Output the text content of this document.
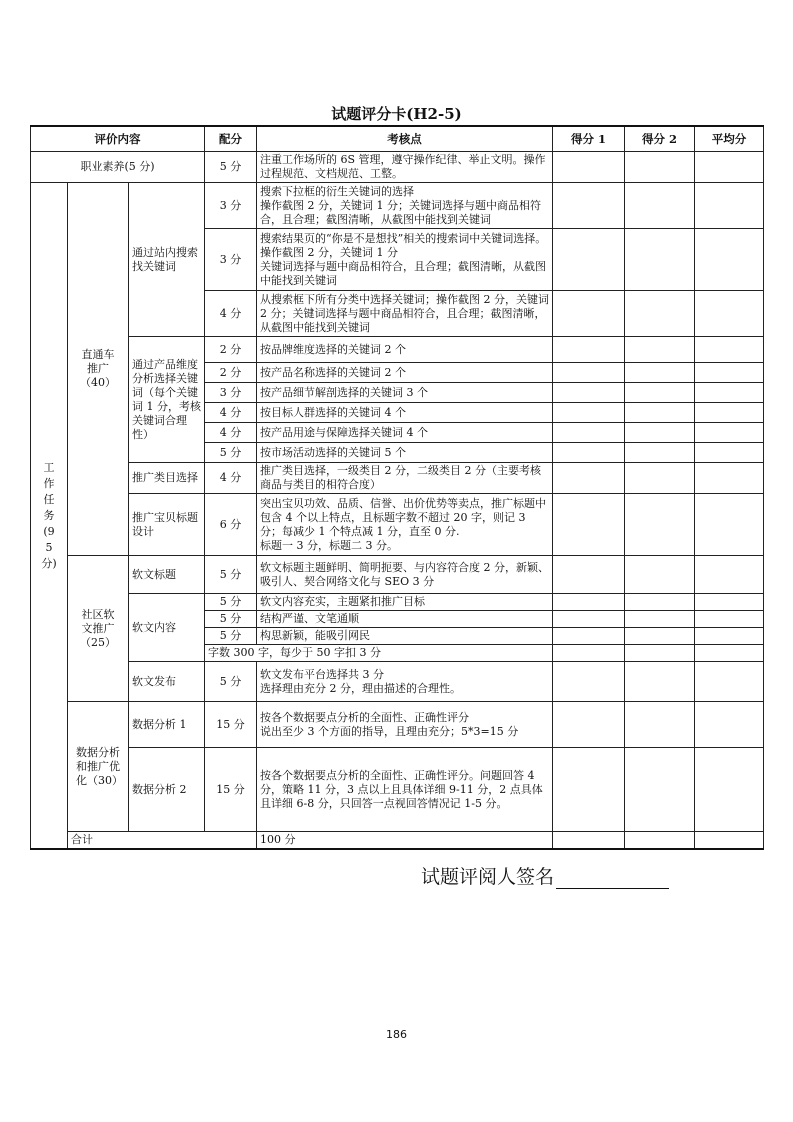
试题评分卡(H2-5)
评价内容			配分	考核点	得分 1	得分 2	平均分	
职业素养(5 分)			5 分	注重工作场所的 6S 管理，遵守操作纪律、举止文明。操作过程规范、文档规范、工整。				
工作任务(95分)	直通车推广（40）	通过站内搜索找关键词	3 分	搜索下拉框的衍生关键词的选择
操作截图 2 分，关键词 1 分；关键词选择与题中商品相符合，且合理；截图清晰，从截图中能找到关键词				
			3 分	搜索结果页的“你是不是想找”相关的搜索词中关键词选择。操作截图 2 分，关键词 1 分
关键词选择与题中商品相符合，且合理；截图清晰，从截图中能找到关键词				
			4 分	从搜索框下所有分类中选择关键词；操作截图 2 分，关键词 2 分；关键词选择与题中商品相符合，且合理；截图清晰，从截图中能找到关键词				
		通过产品维度分析选择关键词（每个关键词 1 分，考核关键词合理性）	2 分	按品牌维度选择的关键词 2 个				
			2 分	按产品名称选择的关键词 2 个				
			3 分	按产品细节解剖选择的关键词 3 个				
			4 分	按目标人群选择的关键词 4 个				
			4 分	按产品用途与保障选择关键词 4 个				
			5 分	按市场活动选择的关键词 5 个				
		推广类目选择	4 分	推广类目选择，一级类目 2 分，二级类目 2 分（主要考核商品与类目的相符合度）				
		推广宝贝标题设计	6 分	突出宝贝功效、品质、信誉、出价优势等卖点，推广标题中包含 4 个以上特点，且标题字数不超过 20 字，则记 3 分；每减少 1 个特点减 1 分，直至 0 分.
标题一 3 分，标题二 3 分。				
	社区软文推广（25）	软文标题	5 分	软文标题主题鲜明、简明扼要、与内容符合度 2 分，新颖、吸引人、契合网络文化与 SEO 3 分				
		软文内容	5 分	软文内容充实，主题紧扣推广目标				
			5 分	结构严谨、文笔通顺				
			5 分	构思新颖，能吸引网民				
			字数 300 字，每少于 50 字扣 3 分					
		软文发布	5 分	软文发布平台选择共 3 分
选择理由充分 2 分，理由描述的合理性。				
	数据分析和推广优化（30）	数据分析 1	15 分	按各个数据要点分析的全面性、正确性评分
说出至少 3 个方面的指导，且理由充分；5*3=15 分				
		数据分析 2	15 分	按各个数据要点分析的全面性、正确性评分。问题回答 4 分，策略 11 分，3 点以上且具体详细 9-11 分，2 点具体且详细 6-8 分，只回答一点视回答情况记 1-5 分。				
	合计			100 分				
试题评阅人签名
186
